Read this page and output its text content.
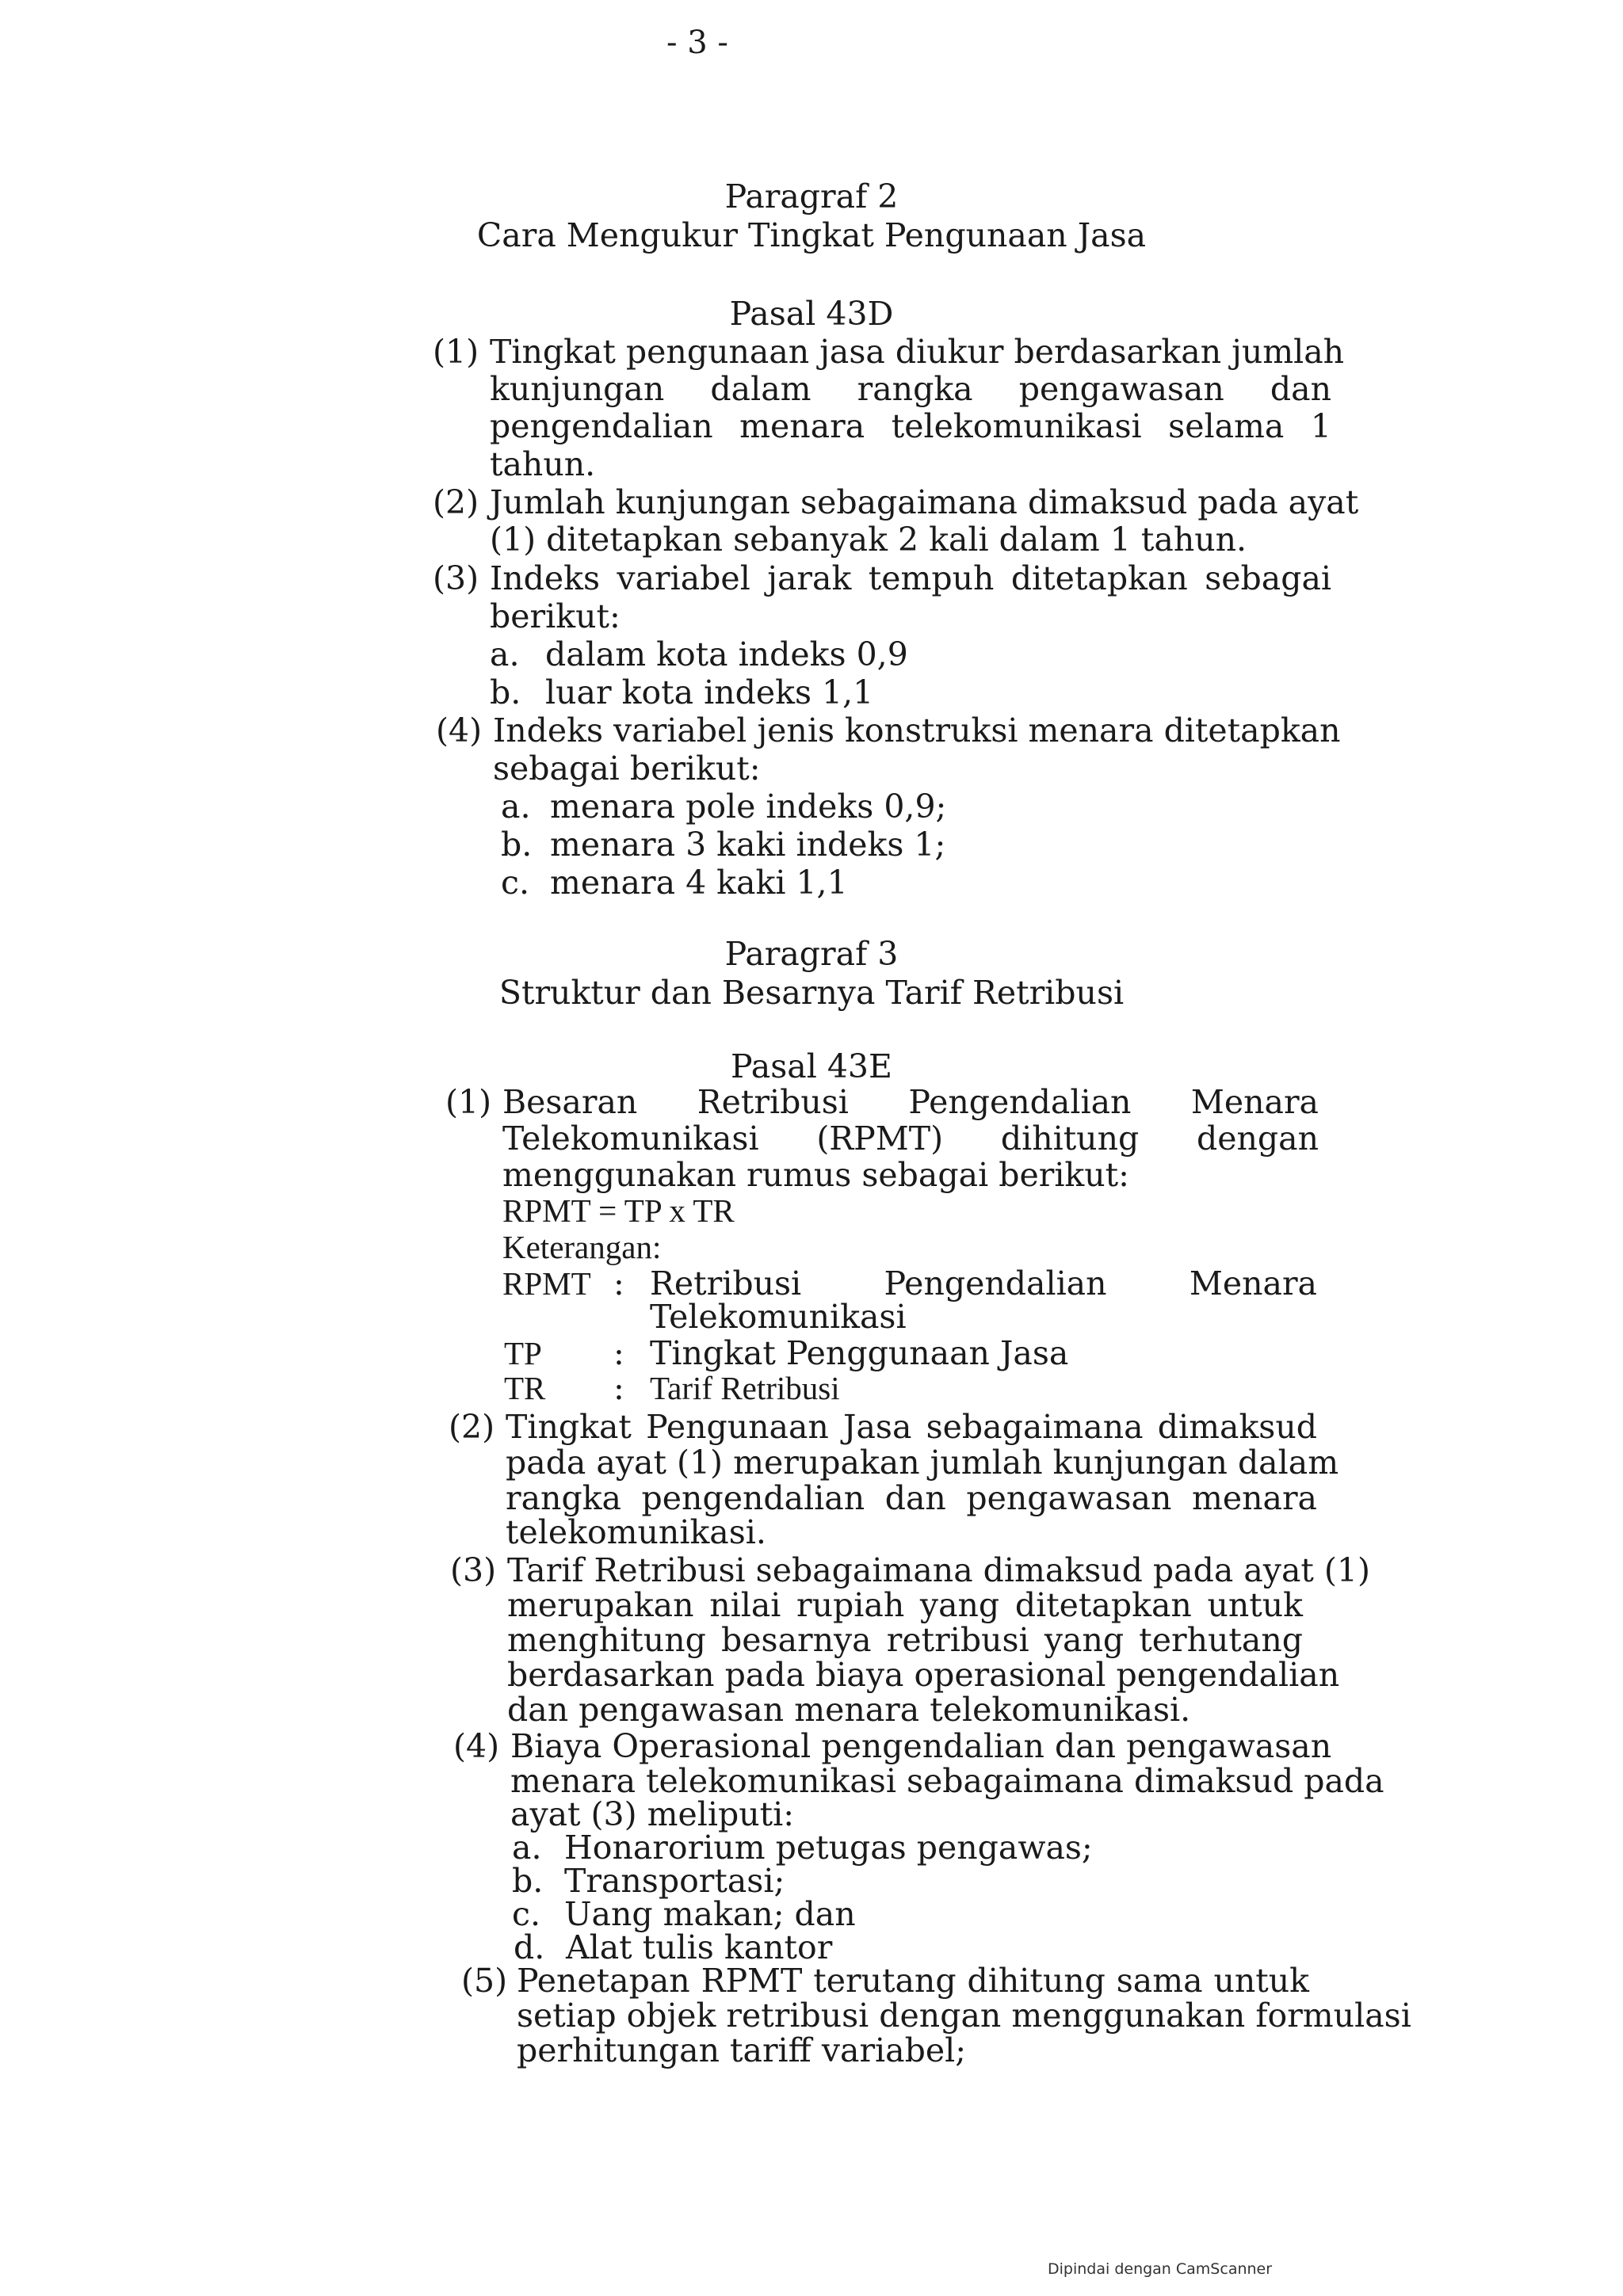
- 3 -
Paragraf 2
Cara Mengukur Tingkat Pengunaan Jasa
Pasal 43D
(1) Tingkat pengunaan jasa diukur berdasarkan jumlah
kunjungan dalam rangka pengawasan dan
pengendalian menara telekomunikasi selama 1
tahun.
(2) Jumlah kunjungan sebagaimana dimaksud pada ayat
(1) ditetapkan sebanyak 2 kali dalam 1 tahun.
(3) Indeks variabel jarak tempuh ditetapkan sebagai
berikut:
a. dalam kota indeks 0,9
b. luar kota indeks 1,1
(4) Indeks variabel jenis konstruksi menara ditetapkan
sebagai berikut:
a. menara pole indeks 0,9;
b. menara 3 kaki indeks 1;
c. menara 4 kaki 1,1
Paragraf 3
Struktur dan Besarnya Tarif Retribusi
Pasal 43E
(1) Besaran Retribusi Pengendalian Menara
Telekomunikasi (RPMT) dihitung dengan
menggunakan rumus sebagai berikut:
RPMT = TP x TR
Keterangan:
RPMT : Retribusi Pengendalian Menara
Telekomunikasi
TP : Tingkat Penggunaan Jasa
TR : Tarif Retribusi
(2) Tingkat Pengunaan Jasa sebagaimana dimaksud
pada ayat (1) merupakan jumlah kunjungan dalam
rangka pengendalian dan pengawasan menara
telekomunikasi.
(3) Tarif Retribusi sebagaimana dimaksud pada ayat (1)
merupakan nilai rupiah yang ditetapkan untuk
menghitung besarnya retribusi yang terhutang
berdasarkan pada biaya operasional pengendalian
dan pengawasan menara telekomunikasi.
(4) Biaya Operasional pengendalian dan pengawasan
menara telekomunikasi sebagaimana dimaksud pada
ayat (3) meliputi:
a. Honarorium petugas pengawas;
b. Transportasi;
c. Uang makan; dan
d. Alat tulis kantor
(5) Penetapan RPMT terutang dihitung sama untuk
setiap objek retribusi dengan menggunakan formulasi
perhitungan tariff variabel;
Dipindai dengan CamScanner
